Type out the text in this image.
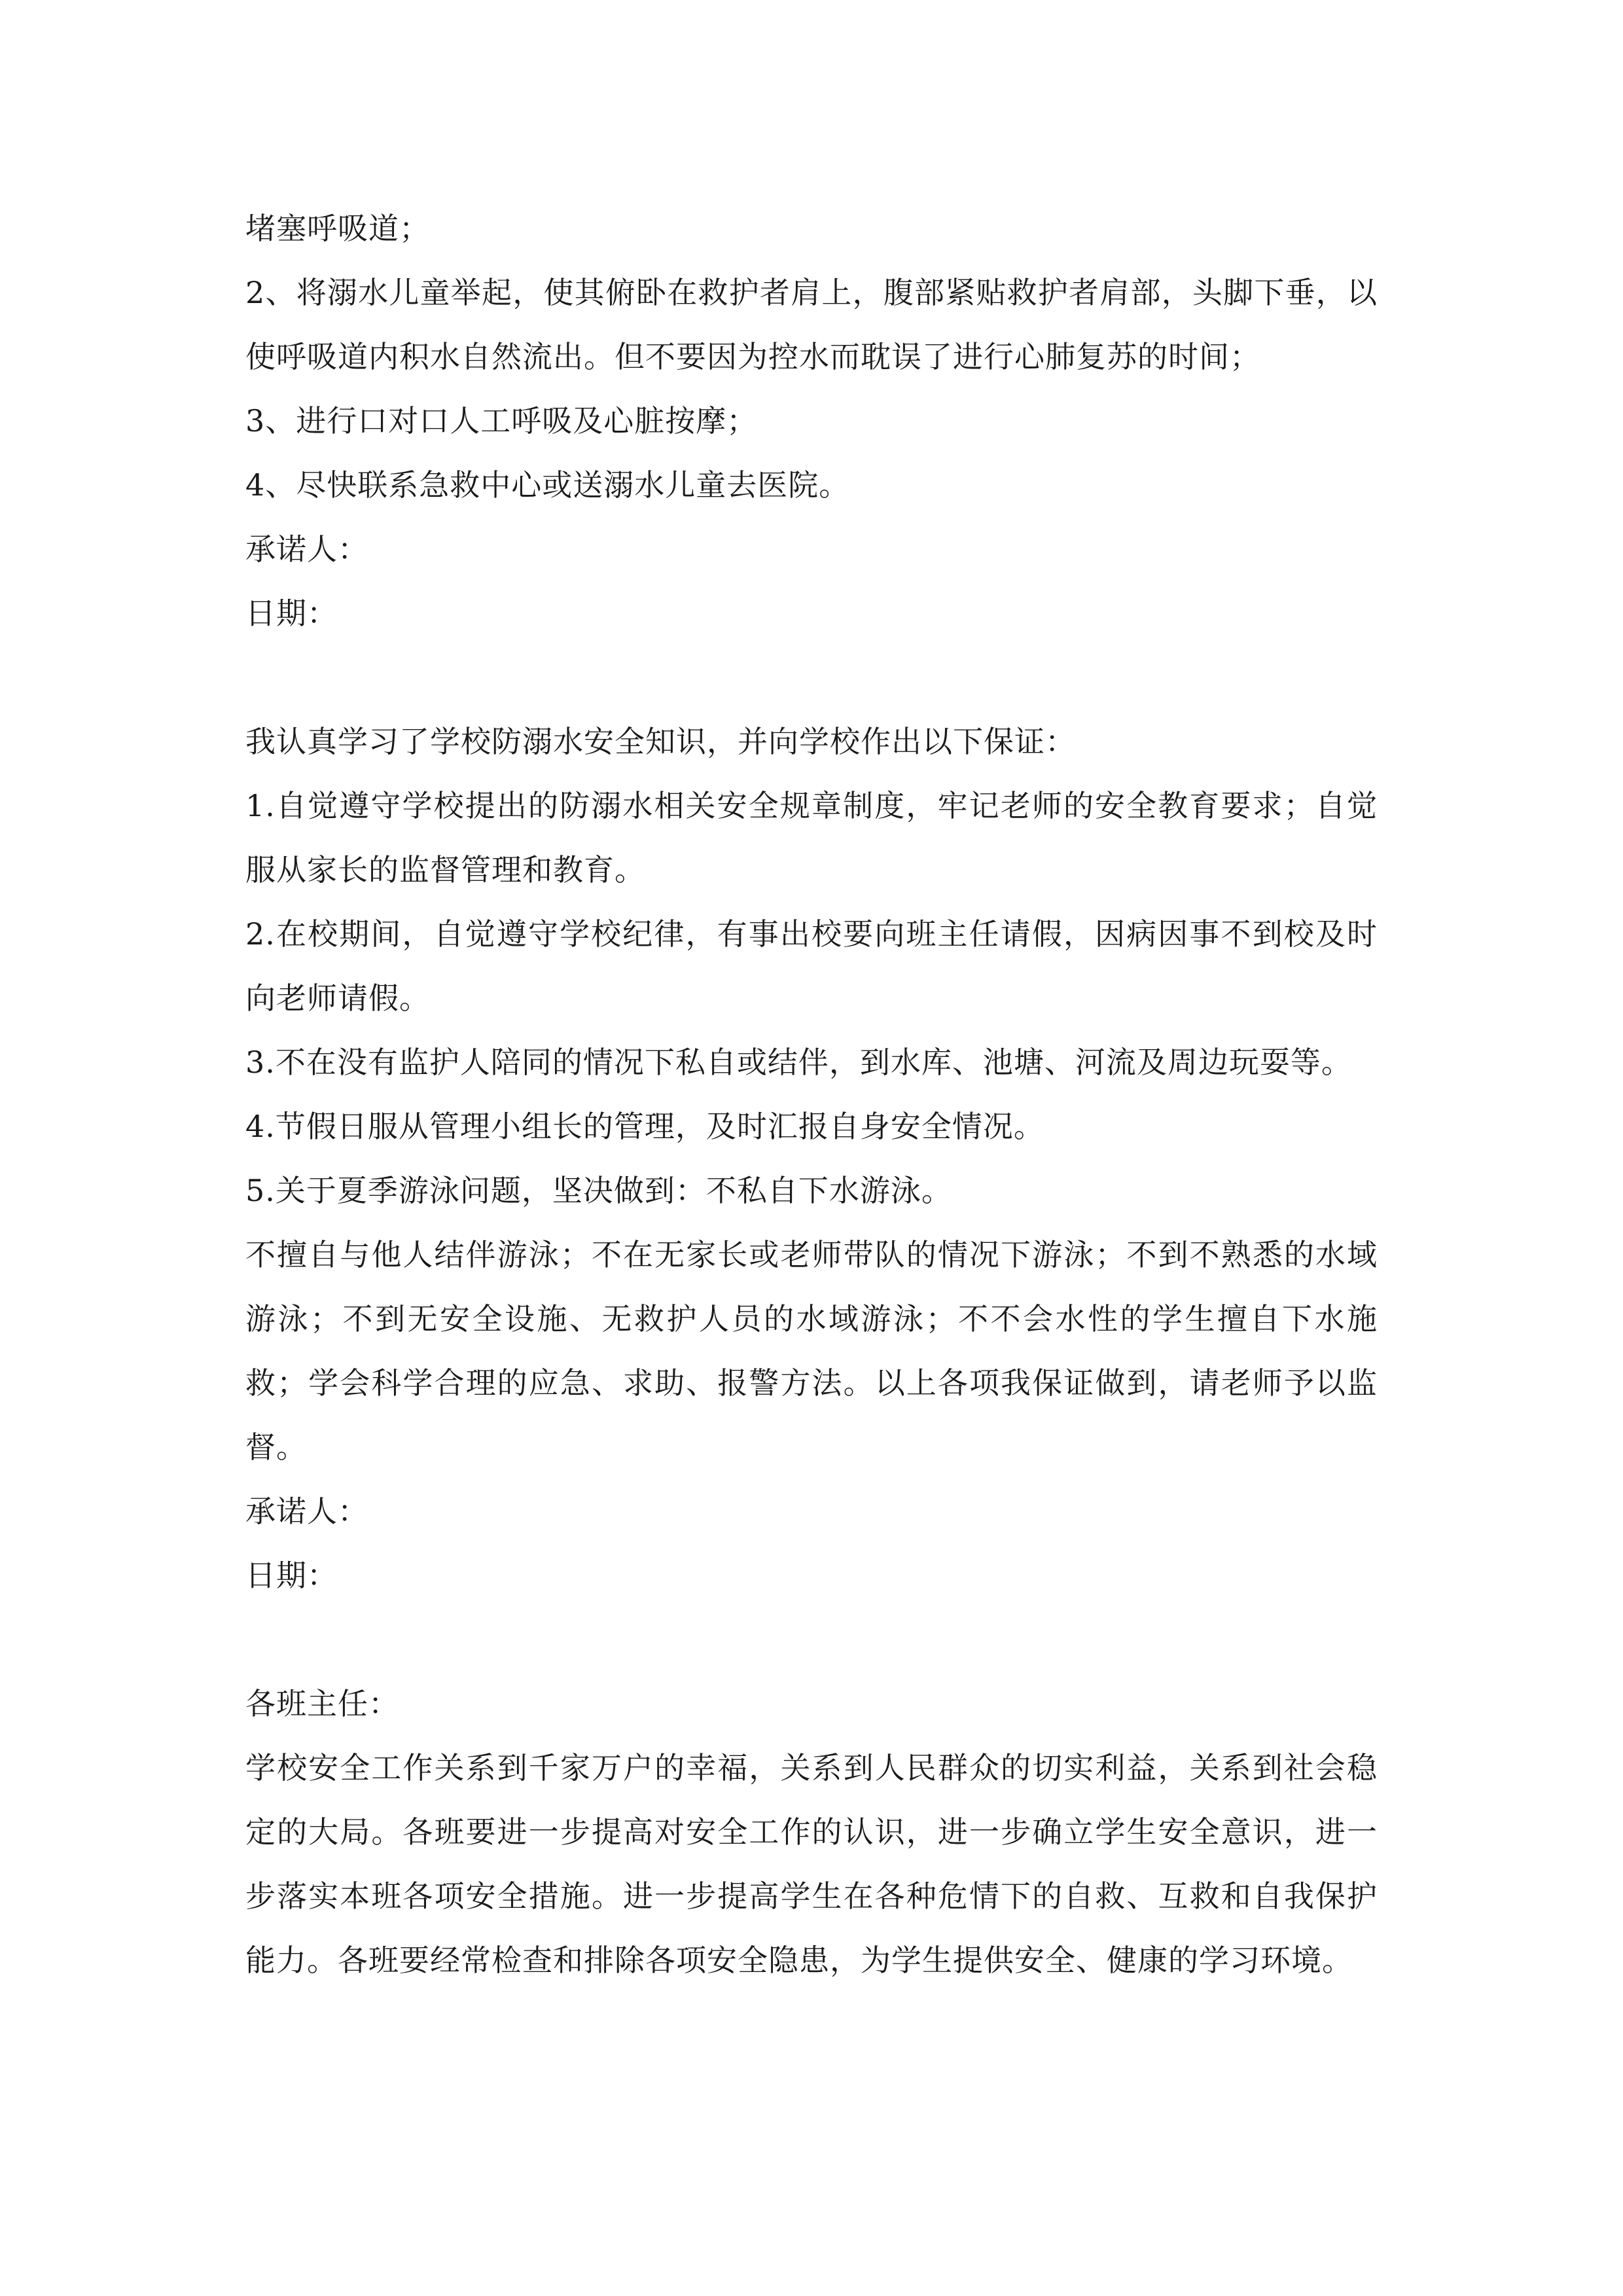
堵塞呼吸道；

2、将溺水儿童举起，使其俯卧在救护者肩上，腹部紧贴救护者肩部，头脚下垂，以使呼吸道内积水自然流出。但不要因为控水而耽误了进行心肺复苏的时间；

3、进行口对口人工呼吸及心脏按摩；

4、尽快联系急救中心或送溺水儿童去医院。

承诺人：

日期：

我认真学习了学校防溺水安全知识，并向学校作出以下保证：

1.自觉遵守学校提出的防溺水相关安全规章制度，牢记老师的安全教育要求；自觉服从家长的监督管理和教育。

2.在校期间，自觉遵守学校纪律，有事出校要向班主任请假，因病因事不到校及时向老师请假。

3.不在没有监护人陪同的情况下私自或结伴，到水库、池塘、河流及周边玩耍等。

4.节假日服从管理小组长的管理，及时汇报自身安全情况。

5.关于夏季游泳问题，坚决做到：不私自下水游泳。

不擅自与他人结伴游泳；不在无家长或老师带队的情况下游泳；不到不熟悉的水域游泳；不到无安全设施、无救护人员的水域游泳；不不会水性的学生擅自下水施救；学会科学合理的应急、求助、报警方法。以上各项我保证做到，请老师予以监督。

承诺人：

日期：

各班主任：

学校安全工作关系到千家万户的幸福，关系到人民群众的切实利益，关系到社会稳定的大局。各班要进一步提高对安全工作的认识，进一步确立学生安全意识，进一步落实本班各项安全措施。进一步提高学生在各种危情下的自救、互救和自我保护能力。各班要经常检查和排除各项安全隐患，为学生提供安全、健康的学习环境。
